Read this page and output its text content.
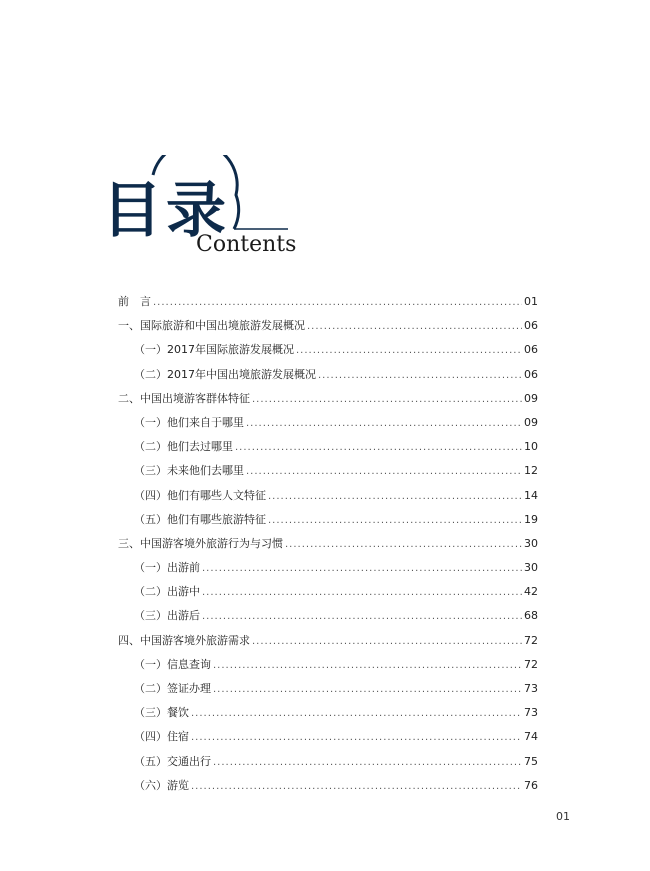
目录
Contents
前　言 .....	01
一、国际旅游和中国出境旅游发展概况 .....	06
（一）2017年国际旅游发展概况 .....	06
（二）2017年中国出境旅游发展概况 .....	06
二、中国出境游客群体特征 .....	09
（一）他们来自于哪里 .....	09
（二）他们去过哪里 .....	10
（三）未来他们去哪里 .....	12
（四）他们有哪些人文特征 .....	14
（五）他们有哪些旅游特征 .....	19
三、中国游客境外旅游行为与习惯 .....	30
（一）出游前 .....	30
（二）出游中 .....	42
（三）出游后 .....	68
四、中国游客境外旅游需求 .....	72
（一）信息查询 .....	72
（二）签证办理 .....	73
（三）餐饮 .....	73
（四）住宿 .....	74
（五）交通出行 .....	75
（六）游览 .....	76
01
